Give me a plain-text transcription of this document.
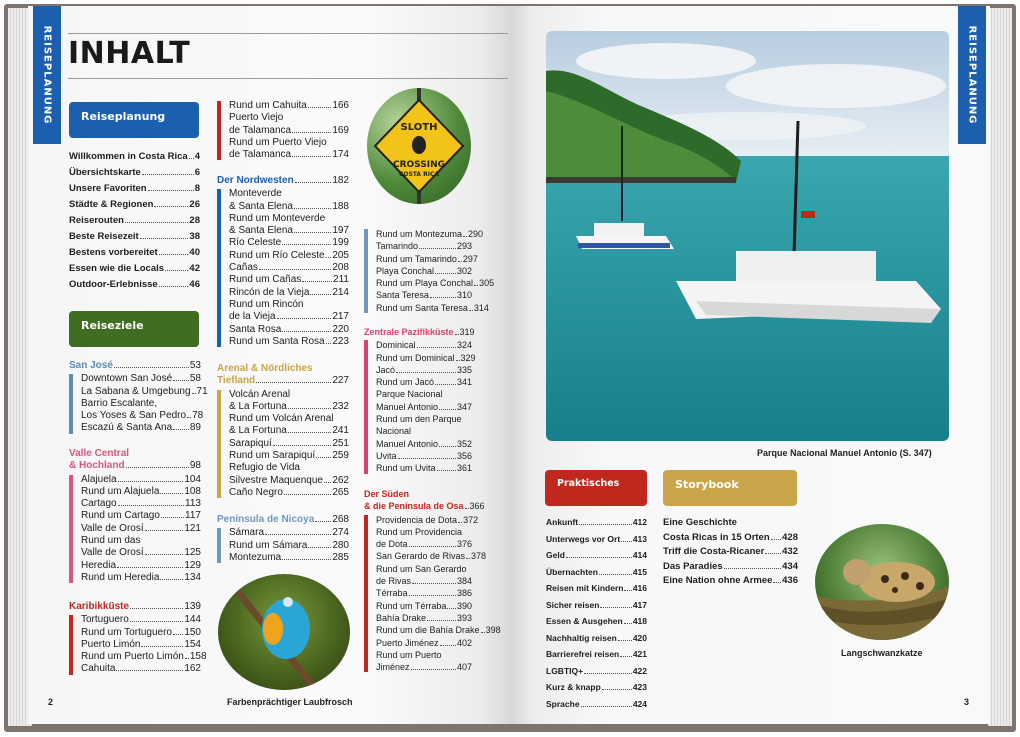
REISEPLANUNG INHALT
Reiseplanung
Willkommen in Costa Rica 4
Übersichtskarte	6
Unsere Favoriten	8
Städte & Regionen	26
Reiserouten	28
Beste Reisezeit	38
Bestens vorbereitet	40
Essen wie die Locals	42
Outdoor-Erlebnisse	46
Reiseziele
San José	53
Downtown San José 58
La Sabana & Umgebung 71
Barrio Escalante,
Los Yoses & San Pedro 78
Escazú & Santa Ana 89
Valle Central
& Hochland	98
Alajuela	104
Rund um Alajuela 108
Cartago	113
Rund um Cartago	117
Valle de Orosí	121
Rund um das
Valle de Orosí	125
Heredia	129
Rund um Heredia 134
Karibikküste	139
Tortuguero	144
Rund um Tortuguero 150
Puerto Limón	154
Rund um Puerto Limón 158
Cahuita	162
Rund um Cahuita	166
Puerto Viejo
de Talamanca	169
Rund um Puerto Viejo
de Talamanca	174
Der Nordwesten	182
Monteverde
& Santa Elena	188
Rund um Monteverde
& Santa Elena	197
Río Celeste	199
Rund um Río Celeste 205
Cañas	208
Rund um Cañas	211
Rincón de la Vieja 214
Rund um Rincón
de la Vieja	217
Santa Rosa	220
Rund um Santa Rosa 223
Arenal & Nördliches
Tiefland	227
Volcán Arenal
& La Fortuna	232
Rund um Volcán Arenal
& La Fortuna	241
Sarapiquí	251
Rund um Sarapiquí 259
Refugio de Vida
Silvestre Maquenque 262
Caño Negro	265
Península de Nicoya 268
Sámara	274
Rund um Sámara 280
Montezuma	285
Rund um Montezuma 290
Tamarindo	293
Rund um Tamarindo 297
Playa Conchal	302
Rund um Playa Conchal 305
Santa Teresa	310
Rund um Santa Teresa 314
Zentrale Pazifikküste 319
Dominical	324
Rund um Dominical 329
Jacó	335
Rund um Jacó	341
Parque Nacional
Manuel Antonio 347
Rund um den Parque
Nacional
Manuel Antonio 352
Uvita	356
Rund um Uvita 361
Der Süden
& die Península de Osa 366
Providencia de Dota 372
Rund um Providencia
de Dota	376
San Gerardo de Rivas 378
Rund um San Gerardo
de Rivas	384
Térraba	386
Rund um Térraba 390
Bahía Drake	393
Rund um die Bahía Drake 398
Puerto Jiménez 402
Rund um Puerto
Jiménez	407
SLOTH
CROSSING
COSTA RICA
Farbenprächtiger Laubfrosch
2
REISEPLANUNG
Parque Nacional Manuel Antonio (S. 347)
Praktisches
Ankunft	412
Unterwegs vor Ort 413
Geld	414
Übernachten	415
Reisen mit Kindern 416
Sicher reisen	417
Essen & Ausgehen 418
Nachhaltig reisen 420
Barrierefrei reisen 421
LGBTIQ+	422
Kurz & knapp	423
Sprache	424
Storybook
Eine Geschichte
Costa Ricas in 15 Orten 428
Triff die Costa-Ricaner 432
Das Paradies	434
Eine Nation ohne Armee 436
Langschwanzkatze
3
